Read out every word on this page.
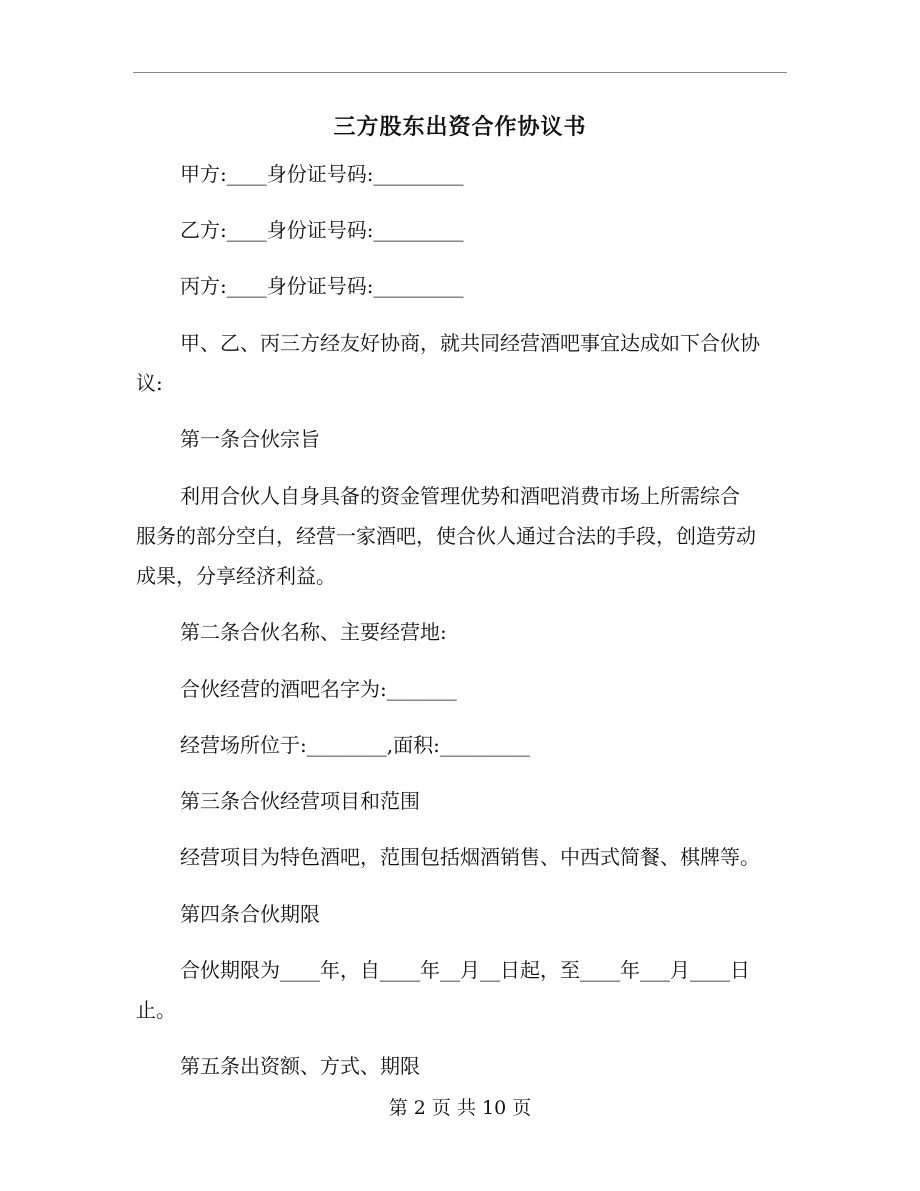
三方股东出资合作协议书
甲方:____身份证号码:_________
乙方:____身份证号码:_________
丙方:____身份证号码:_________
甲、乙、丙三方经友好协商，就共同经营酒吧事宜达成如下合伙协
议:
第一条合伙宗旨
利用合伙人自身具备的资金管理优势和酒吧消费市场上所需综合
服务的部分空白，经营一家酒吧，使合伙人通过合法的手段，创造劳动
成果，分享经济利益。
第二条合伙名称、主要经营地:
合伙经营的酒吧名字为:_______
经营场所位于:________,面积:_________
第三条合伙经营项目和范围
经营项目为特色酒吧，范围包括烟酒销售、中西式简餐、棋牌等。
第四条合伙期限
合伙期限为____年，自____年__月__日起，至____年___月____日
止。
第五条出资额、方式、期限
第 2 页 共 10 页
